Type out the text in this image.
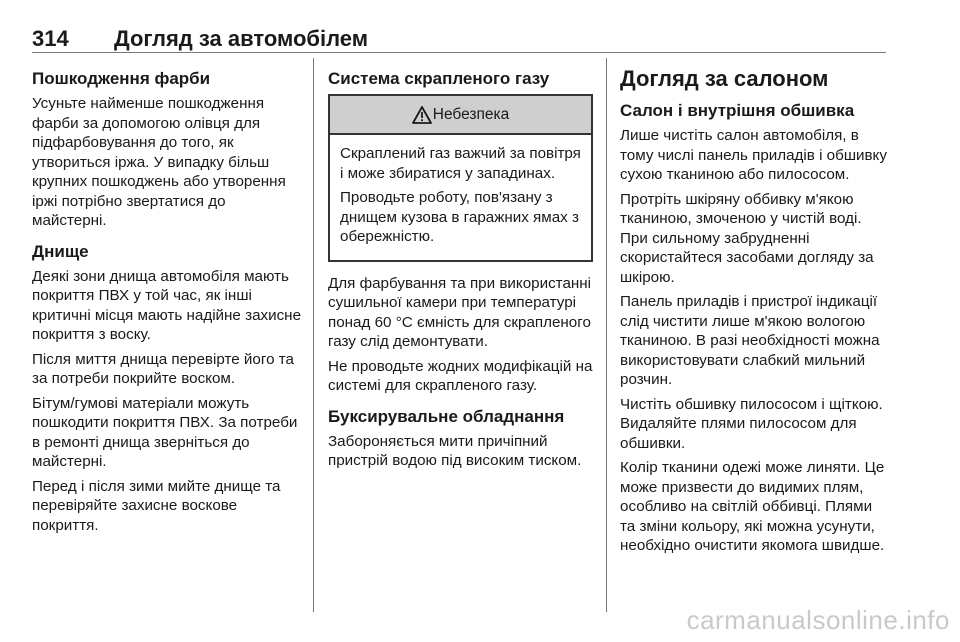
314 Догляд за автомобілем
Пошкодження фарби

Усуньте найменше пошкодження фарби за допомогою олівця для підфарбовування до того, як утвориться іржа. У випадку більш крупних пошкоджень або утворення іржі потрібно звертатися до майстерні.

Днище

Деякі зони днища автомобіля мають покриття ПВХ у той час, як інші критичні місця мають надійне захисне покриття з воску.

Після миття днища перевірте його та за потреби покрийте воском.

Бітум/гумові матеріали можуть пошкодити покриття ПВХ. За потреби в ремонті днища зверніться до майстерні.

Перед і після зими мийте днище та перевіряйте захисне воскове покриття.

Система скрапленого газу
Небезпека

Скраплений газ важчий за повітря і може збиратися у западинах.

Проводьте роботу, пов'язану з днищем кузова в гаражних ямах з обережністю.

Для фарбування та при використанні сушильної камери при температурі понад 60 °C ємність для скрапленого газу слід демонтувати.

Не проводьте жодних модифікацій на системі для скрапленого газу.

Буксирувальне обладнання

Забороняється мити причіпний пристрій водою під високим тиском.

Догляд за салоном
Салон і внутрішня обшивка

Лише чистіть салон автомобіля, в тому числі панель приладів і обшивку сухою тканиною або пилососом.

Протріть шкіряну оббивку м'якою тканиною, змоченою у чистій воді. При сильному забрудненні скористайтеся засобами догляду за шкірою.

Панель приладів і пристрої індикації слід чистити лише м'якою вологою тканиною. В разі необхідності можна використовувати слабкий мильний розчин.

Чистіть обшивку пилососом і щіткою. Видаляйте плями пилососом для обшивки.

Колір тканини одежі може линяти. Це може призвести до видимих плям, особливо на світлій оббивці. Плями та зміни кольору, які можна усунути, необхідно очистити якомога швидше.

carmanualsonline.info
